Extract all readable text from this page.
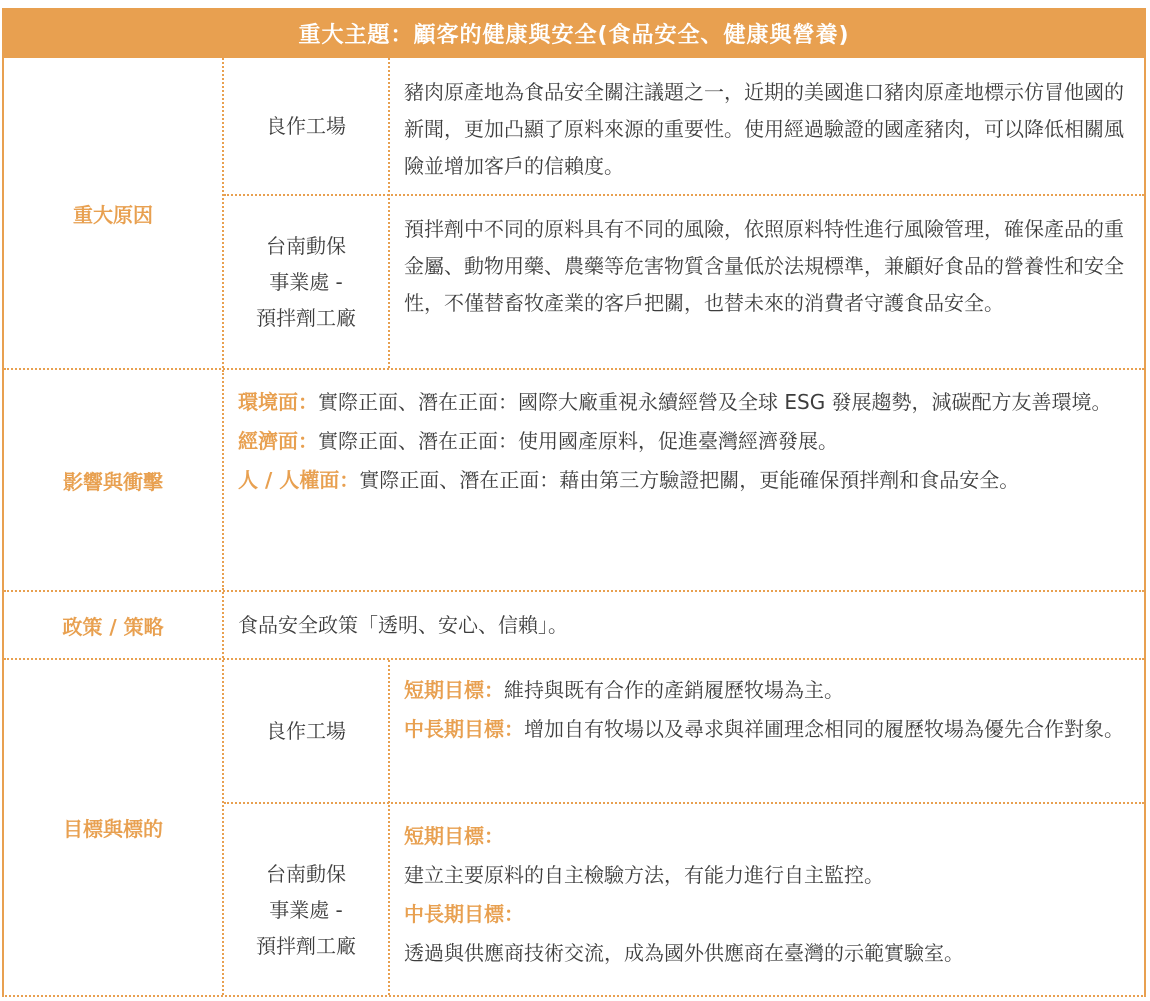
重大主題：顧客的健康與安全(食品安全、健康與營養)
重大原因
良作工場
豬肉原產地為食品安全關注議題之一，近期的美國進口豬肉原產地標示仿冒他國的新聞，更加凸顯了原料來源的重要性。使用經過驗證的國產豬肉，可以降低相關風險並增加客戶的信賴度。

台南動保

事業處 -

預拌劑工廠

預拌劑中不同的原料具有不同的風險，依照原料特性進行風險管理，確保產品的重金屬、動物用藥、農藥等危害物質含量低於法規標準，兼顧好食品的營養性和安全性，不僅替畜牧產業的客戶把關，也替未來的消費者守護食品安全。
影響與衝擊

環境面：實際正面、潛在正面：國際大廠重視永續經營及全球 ESG 發展趨勢，減碳配方友善環境。

經濟面：實際正面、潛在正面：使用國產原料，促進臺灣經濟發展。

人 / 人權面：實際正面、潛在正面：藉由第三方驗證把關，更能確保預拌劑和食品安全。

政策 / 策略	食品安全政策「透明、安心、信賴」。
目標與標的
良作工場

短期目標：維持與既有合作的產銷履歷牧場為主。

中長期目標：增加自有牧場以及尋求與祥圃理念相同的履歷牧場為優先合作對象。

台南動保

事業處 -

預拌劑工廠

短期目標：

建立主要原料的自主檢驗方法，有能力進行自主監控。

中長期目標：

透過與供應商技術交流，成為國外供應商在臺灣的示範實驗室。
